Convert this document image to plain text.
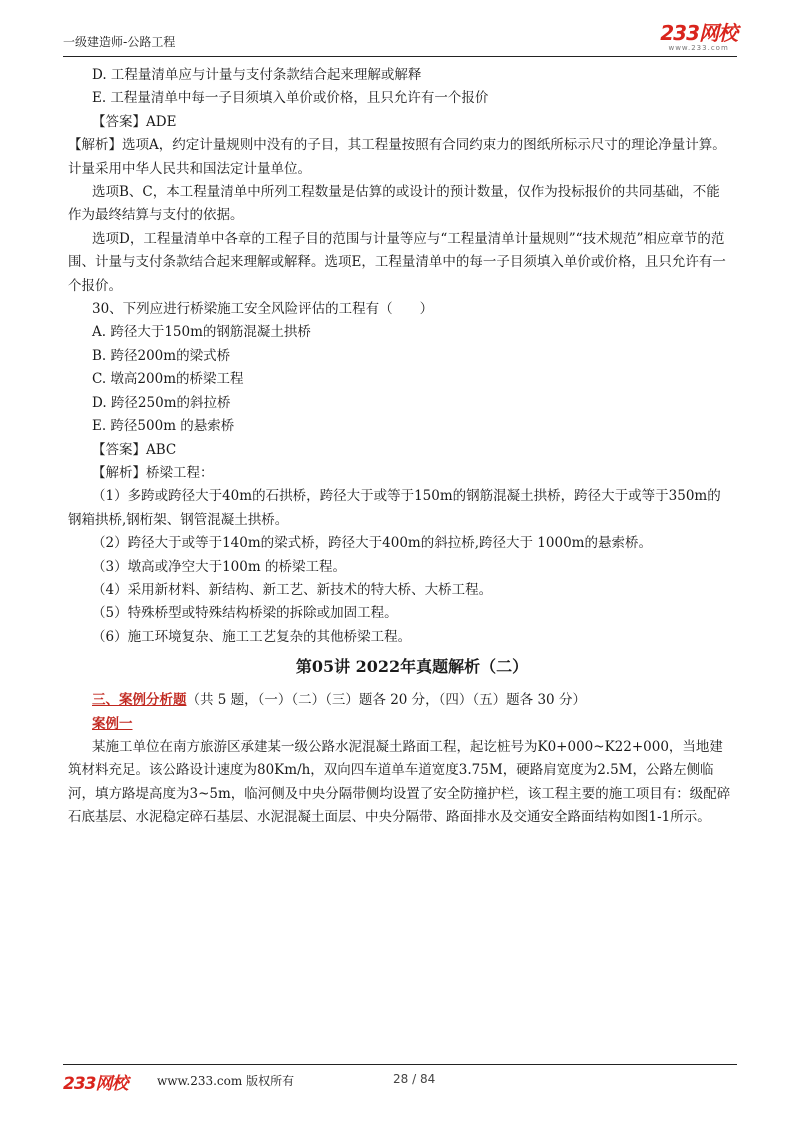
一级建造师-公路工程	233网校
www.233.com

D. 工程量清单应与计量与支付条款结合起来理解或解释

E. 工程量清单中每一子目须填入单价或价格，且只允许有一个报价

【答案】ADE

【解析】选项A，约定计量规则中没有的子目，其工程量按照有合同约束力的图纸所标示尺寸的理论净量计算。计量采用中华人民共和国法定计量单位。

选项B、C，本工程量清单中所列工程数量是估算的或设计的预计数量，仅作为投标报价的共同基础，不能作为最终结算与支付的依据。

选项D，工程量清单中各章的工程子目的范围与计量等应与“工程量清单计量规则”“技术规范”相应章节的范围、计量与支付条款结合起来理解或解释。选项E，工程量清单中的每一子目须填入单价或价格，且只允许有一个报价。

30、下列应进行桥梁施工安全风险评估的工程有（　　）

A. 跨径大于150m的钢筋混凝土拱桥

B. 跨径200m的梁式桥

C. 墩高200m的桥梁工程

D. 跨径250m的斜拉桥

E. 跨径500m 的悬索桥

【答案】ABC

【解析】桥梁工程：

（1）多跨或跨径大于40m的石拱桥，跨径大于或等于150m的钢筋混凝土拱桥，跨径大于或等于350m的钢箱拱桥,钢桁架、钢管混凝土拱桥。

（2）跨径大于或等于140m的梁式桥，跨径大于400m的斜拉桥,跨径大于 1000m的悬索桥。

（3）墩高或净空大于100m 的桥梁工程。

（4）采用新材料、新结构、新工艺、新技术的特大桥、大桥工程。

（5）特殊桥型或特殊结构桥梁的拆除或加固工程。

（6）施工环境复杂、施工工艺复杂的其他桥梁工程。

第05讲 2022年真题解析（二）

三、案例分析题（共 5 题，（一）（二）（三）题各 20 分，（四）（五）题各 30 分）

案例一

某施工单位在南方旅游区承建某一级公路水泥混凝土路面工程，起讫桩号为K0+000~K22+000，当地建筑材料充足。该公路设计速度为80Km/h，双向四车道单车道宽度3.75M，硬路肩宽度为2.5M，公路左侧临河，填方路堤高度为3~5m，临河侧及中央分隔带侧均设置了安全防撞护栏，该工程主要的施工项目有：级配碎石底基层、水泥稳定碎石基层、水泥混凝土面层、中央分隔带、路面排水及交通安全路面结构如图1-1所示。

233网校 www.233.com 版权所有	28 / 84
